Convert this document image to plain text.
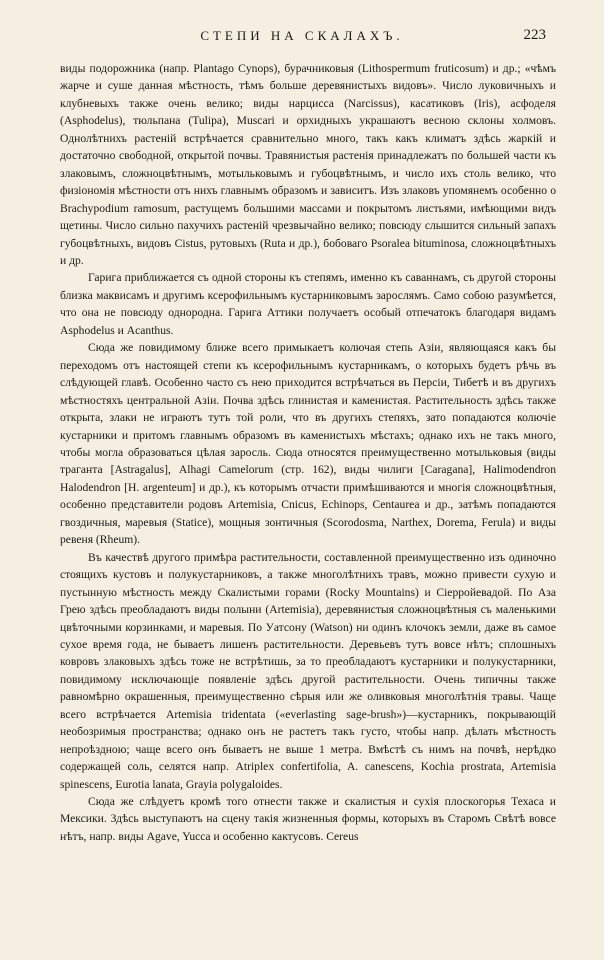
СТЕПИ НА СКАЛАХЪ.	223

виды подорожника (напр. Plantago Cynops), бурачниковыя (Lithospermum fruticosum) и др.; «чѣмъ жарче и суше данная мѣстность, тѣмъ больше деревянистыхъ видовъ». Число луковичныхъ и клубневыхъ также очень велико; виды нарцисса (Narcissus), касатиковъ (Iris), асфоделя (Asphodelus), тюльпана (Tulipa), Muscari и орхидныхъ украшаютъ весною склоны холмовъ. Однолѣтнихъ растеній встрѣчается сравнительно много, такъ какъ климатъ здѣсь жаркій и достаточно свободной, открытой почвы. Травянистыя растенія принадлежатъ по большей части къ злаковымъ, сложноцвѣтнымъ, мотыльковымъ и губоцвѣтнымъ, и число ихъ столь велико, что физіономія мѣстности отъ нихъ главнымъ образомъ и зависитъ. Изъ злаковъ упомянемъ особенно о Brachypodium ramosum, растущемъ большими массами и покрытомъ листьями, имѣющими видъ щетины. Число сильно пахучихъ растеній чрезвычайно велико; повсюду слышится сильный запахъ губоцвѣтныхъ, видовъ Cistus, рутовыхъ (Ruta и др.), бобоваго Psoralea bituminosa, сложноцвѣтныхъ и др.

Гарига приближается съ одной стороны къ степямъ, именно къ саваннамъ, съ другой стороны близка маквисамъ и другимъ ксерофильнымъ кустарниковымъ зарослямъ. Само собою разумѣется, что она не повсюду однородна. Гарига Аттики получаетъ особый отпечатокъ благодаря видамъ Asphodelus и Acanthus.

Сюда же повидимому ближе всего примыкаетъ колючая степь Азіи, являющаяся какъ бы переходомъ отъ настоящей степи къ ксерофильнымъ кустарникамъ, о которыхъ будетъ рѣчь въ слѣдующей главѣ. Особенно часто съ нею приходится встрѣчаться въ Персіи, Тибетѣ и въ другихъ мѣстностяхъ центральной Азіи. Почва здѣсь глинистая и каменистая. Растительность здѣсь также открыта, злаки не играютъ тутъ той роли, что въ другихъ степяхъ, зато попадаются колючіе кустарники и притомъ главнымъ образомъ въ каменистыхъ мѣстахъ; однако ихъ не такъ много, чтобы могла образоваться цѣлая заросль. Сюда относятся преимущественно мотыльковыя (виды траганта [Astragalus], Alhagi Camelorum (стр. 162), виды чилиги [Caragana], Halimodendron Halodendron [H. argenteum] и др.), къ которымъ отчасти примѣшиваются и многія сложноцвѣтныя, особенно представители родовъ Artemisia, Cnicus, Echinops, Centaurea и др., затѣмъ попадаются гвоздичныя, маревыя (Statice), мощныя зонтичныя (Scorodosma, Narthex, Dorema, Ferula) и виды ревеня (Rheum).

Въ качествѣ другого примѣра растительности, составленной преимущественно изъ одиночно стоящихъ кустовъ и полукустарниковъ, а также многолѣтнихъ травъ, можно привести сухую и пустынную мѣстность между Скалистыми горами (Rocky Mountains) и Сіерройевадой. По Аза Грею здѣсь преобладаютъ виды полыни (Artemisia), деревянистыя сложноцвѣтныя съ маленькими цвѣточными корзинками, и маревыя. По Уатсону (Watson) ни одинъ клочокъ земли, даже въ самое сухое время года, не бываетъ лишенъ растительности. Деревьевъ тутъ вовсе нѣтъ; сплошныхъ ковровъ злаковыхъ здѣсь тоже не встрѣтишь, за то преобладаютъ кустарники и полукустарники, повидимому исключающіе появленіе здѣсь другой растительности. Очень типичны также равномѣрно окрашенныя, преимущественно сѣрыя или же оливковыя многолѣтнія травы. Чаще всего встрѣчается Artemisia tridentata («everlasting sage-brush»)—кустарникъ, покрывающій необозримыя пространства; однако онъ не растетъ такъ густо, чтобы напр. дѣлать мѣстность непроѣздною; чаще всего онъ бываетъ не выше 1 метра. Вмѣстѣ съ нимъ на почвѣ, нерѣдко содержащей соль, селятся напр. Atriplex confertifolia, A. canescens, Kochia prostrata, Artemisia spinescens, Eurotia lanata, Grayia polygaloides.

Сюда же слѣдуетъ кромѣ того отнести также и скалистыя и сухія плоскогорья Техаса и Мексики. Здѣсь выступаютъ на сцену такія жизненныя формы, которыхъ въ Старомъ Свѣтѣ вовсе нѣтъ, напр. виды Agave, Yucca и особенно кактусовъ. Cereus
